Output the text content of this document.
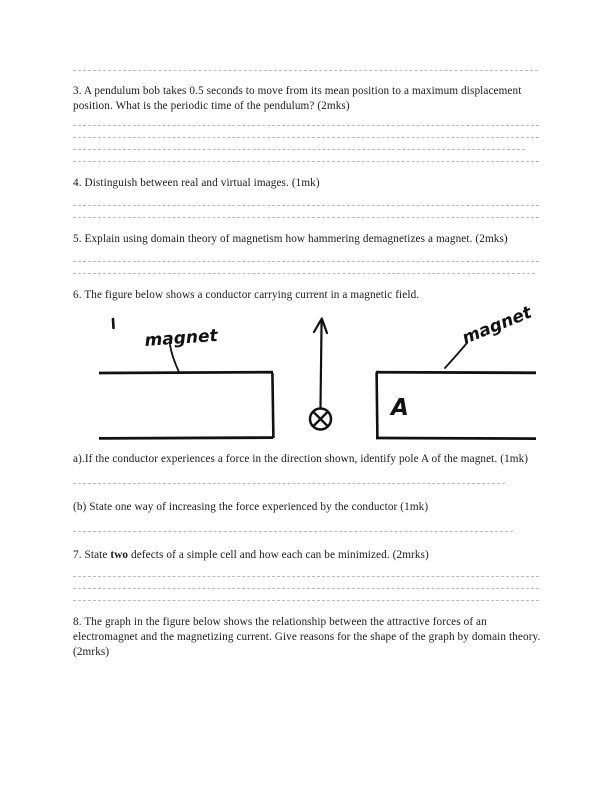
3. A pendulum bob takes 0.5 seconds to move from its mean position to a maximum displacement position. What is the periodic time of the pendulum? (2mks)

4. Distinguish between real and virtual images. (1mk)

5. Explain using domain theory of magnetism how hammering demagnetizes a magnet. (2mks)

6. The figure below shows a conductor carrying current in a magnetic field.

magnet	magnet
A

a).If the conductor experiences a force in the direction shown, identify pole A of the magnet. (1mk)

(b) State one way of increasing the force experienced by the conductor (1mk)

7. State two defects of a simple cell and how each can be minimized. (2mrks)

8. The graph in the figure below shows the relationship between the attractive forces of an electromagnet and the magnetizing current. Give reasons for the shape of the graph by domain theory. (2mrks)
